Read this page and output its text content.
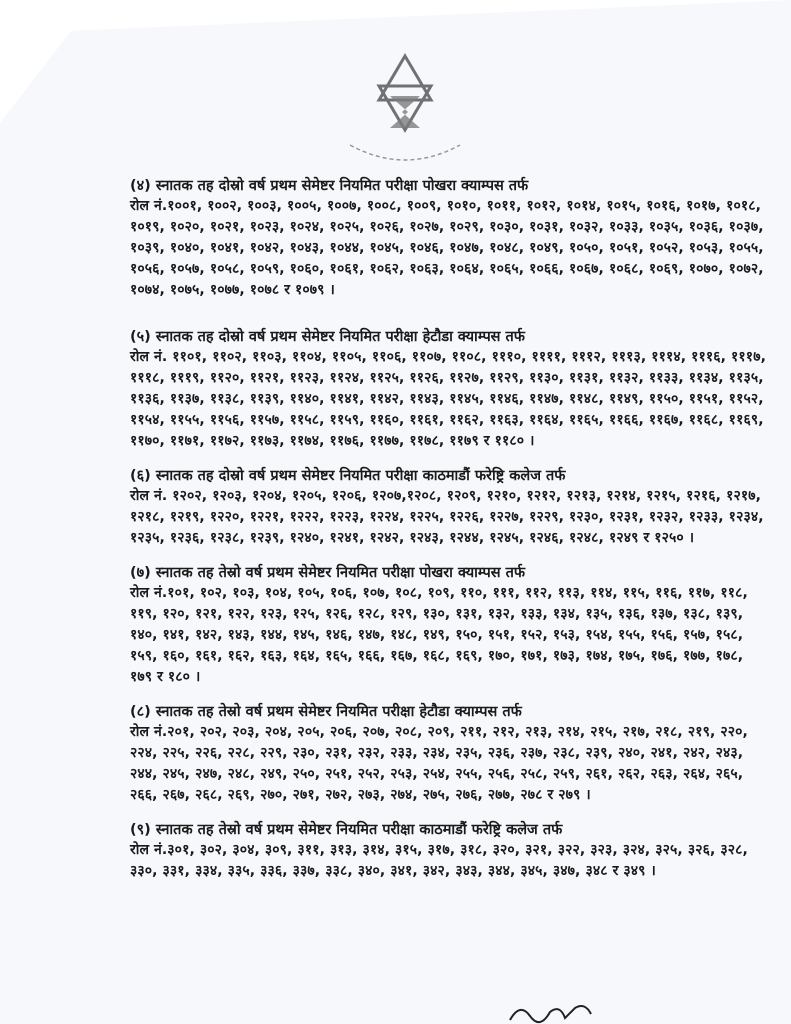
(४) स्नातक तह दोस्रो वर्ष प्रथम सेमेष्टर नियमित परीक्षा पोखरा क्याम्पस तर्फ
रोल नं.१००१, १००२, १००३, १००५, १००७, १००८, १००९, १०१०, १०११, १०१२, १०१४, १०१५, १०१६, १०१७, १०१८, १०१९, १०२०, १०२१, १०२३, १०२४, १०२५, १०२६, १०२७, १०२९, १०३०, १०३१, १०३२, १०३३, १०३५, १०३६, १०३७, १०३९, १०४०, १०४१, १०४२, १०४३, १०४४, १०४५, १०४६, १०४७, १०४८, १०४९, १०५०, १०५१, १०५२, १०५३, १०५५, १०५६, १०५७, १०५८, १०५९, १०६०, १०६१, १०६२, १०६३, १०६४, १०६५, १०६६, १०६७, १०६८, १०६९, १०७०, १०७२, १०७४, १०७५, १०७७, १०७८ र १०७९ ।
(५) स्नातक तह दोस्रो वर्ष प्रथम सेमेष्टर नियमित परीक्षा हेटौडा क्याम्पस तर्फ
रोल नं. ११०१, ११०२, ११०३, ११०४, ११०५, ११०६, ११०७, ११०८, १११०, ११११, १११२, १११३, १११४, १११६, १११७, १११८, १११९, ११२०, ११२१, ११२३, ११२४, ११२५, ११२६, ११२७, ११२९, ११३०, ११३१, ११३२, ११३३, ११३४, ११३५, ११३६, ११३७, ११३८, ११३९, ११४०, ११४१, ११४२, ११४३, ११४५, ११४६, ११४७, ११४८, ११४९, ११५०, ११५१, ११५२, ११५४, ११५५, ११५६, ११५७, ११५८, ११५९, ११६०, ११६१, ११६२, ११६३, ११६४, ११६५, ११६६, ११६७, ११६८, ११६९, ११७०, ११७१, ११७२, ११७३, ११७४, ११७६, ११७७, ११७८, ११७९ र ११८० ।
(६) स्नातक तह दोस्रो वर्ष प्रथम सेमेष्टर नियमित परीक्षा काठमाडौं फरेष्ट्रि कलेज तर्फ
रोल नं. १२०२, १२०३, १२०४, १२०५, १२०६, १२०७,१२०८, १२०९, १२१०, १२१२, १२१३, १२१४, १२१५, १२१६, १२१७, १२१८, १२१९, १२२०, १२२१, १२२२, १२२३, १२२४, १२२५, १२२६, १२२७, १२२९, १२३०, १२३१, १२३२, १२३३, १२३४, १२३५, १२३६, १२३८, १२३९, १२४०, १२४१, १२४२, १२४३, १२४४, १२४५, १२४६, १२४८, १२४९ र १२५० ।
(७) स्नातक तह तेस्रो वर्ष प्रथम सेमेष्टर नियमित परीक्षा पोखरा क्याम्पस तर्फ
रोल नं.१०१, १०२, १०३, १०४, १०५, १०६, १०७, १०८, १०९, ११०, १११, ११२, ११३, ११४, ११५, ११६, ११७, ११८, ११९, १२०, १२१, १२२, १२३, १२५, १२६, १२८, १२९, १३०, १३१, १३२, १३३, १३४, १३५, १३६, १३७, १३८, १३९, १४०, १४१, १४२, १४३, १४४, १४५, १४६, १४७, १४८, १४९, १५०, १५१, १५२, १५३, १५४, १५५, १५६, १५७, १५८, १५९, १६०, १६१, १६२, १६३, १६४, १६५, १६६, १६७, १६८, १६९, १७०, १७१, १७३, १७४, १७५, १७६, १७७, १७८, १७९ र १८० ।
(८) स्नातक तह तेस्रो वर्ष प्रथम सेमेष्टर नियमित परीक्षा हेटौडा क्याम्पस तर्फ
रोल नं.२०१, २०२, २०३, २०४, २०५, २०६, २०७, २०८, २०९, २११, २१२, २१३, २१४, २१५, २१७, २१८, २१९, २२०, २२४, २२५, २२६, २२८, २२९, २३०, २३१, २३२, २३३, २३४, २३५, २३६, २३७, २३८, २३९, २४०, २४१, २४२, २४३, २४४, २४५, २४७, २४८, २४९, २५०, २५१, २५२, २५३, २५४, २५५, २५६, २५८, २५९, २६१, २६२, २६३, २६४, २६५, २६६, २६७, २६८, २६९, २७०, २७१, २७२, २७३, २७४, २७५, २७६, २७७, २७८ र २७९ ।
(९) स्नातक तह तेस्रो वर्ष प्रथम सेमेष्टर नियमित परीक्षा काठमाडौं फरेष्ट्रि कलेज तर्फ
रोल नं.३०१, ३०२, ३०४, ३०९, ३११, ३१३, ३१४, ३१५, ३१७, ३१८, ३२०, ३२१, ३२२, ३२३, ३२४, ३२५, ३२६, ३२८, ३३०, ३३१, ३३४, ३३५, ३३६, ३३७, ३३८, ३४०, ३४१, ३४२, ३४३, ३४४, ३४५, ३४७, ३४८ र ३४९ ।
